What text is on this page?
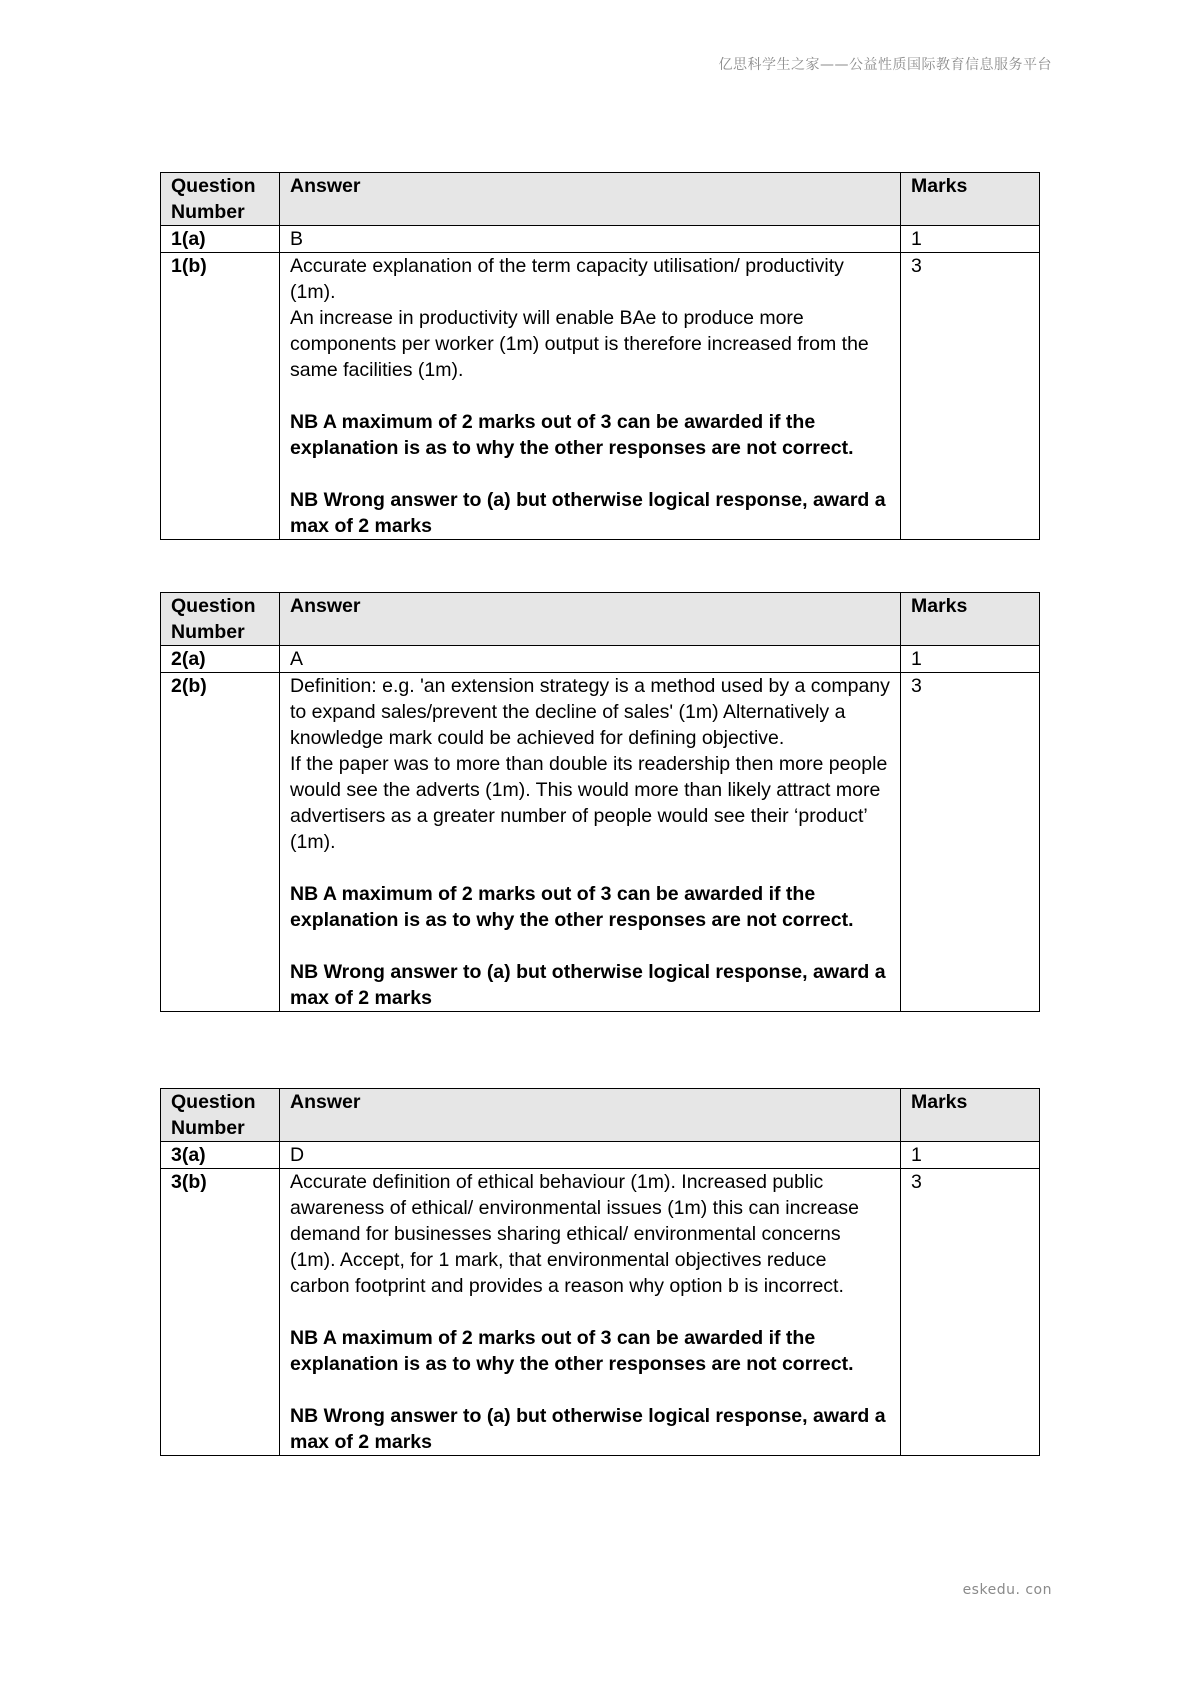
亿思科学生之家——公益性质国际教育信息服务平台
Question Number	Answer	Marks
1(a)	B	1
1(b)	Accurate explanation of the term capacity utilisation/ productivity (1m).

An increase in productivity will enable BAe to produce more components per worker (1m) output is therefore increased from the same facilities (1m).

NB A maximum of 2 marks out of 3 can be awarded if the explanation is as to why the other responses are not correct.

NB Wrong answer to (a) but otherwise logical response, award a max of 2 marks	3
Question Number	Answer	Marks
2(a)	A	1
2(b)	Definition: e.g. 'an extension strategy is a method used by a company to expand sales/prevent the decline of sales' (1m) Alternatively a knowledge mark could be achieved for defining objective.

If the paper was to more than double its readership then more people would see the adverts (1m). This would more than likely attract more advertisers as a greater number of people would see their ‘product’ (1m).

NB A maximum of 2 marks out of 3 can be awarded if the explanation is as to why the other responses are not correct.

NB Wrong answer to (a) but otherwise logical response, award a max of 2 marks	3
Question Number	Answer	Marks
3(a)	D	1
3(b)	Accurate definition of ethical behaviour (1m). Increased public awareness of ethical/ environmental issues (1m) this can increase demand for businesses sharing ethical/ environmental concerns (1m). Accept, for 1 mark, that environmental objectives reduce carbon footprint and provides a reason why option b is incorrect.

NB A maximum of 2 marks out of 3 can be awarded if the explanation is as to why the other responses are not correct.

NB Wrong answer to (a) but otherwise logical response, award a max of 2 marks	3
eskedu. con
